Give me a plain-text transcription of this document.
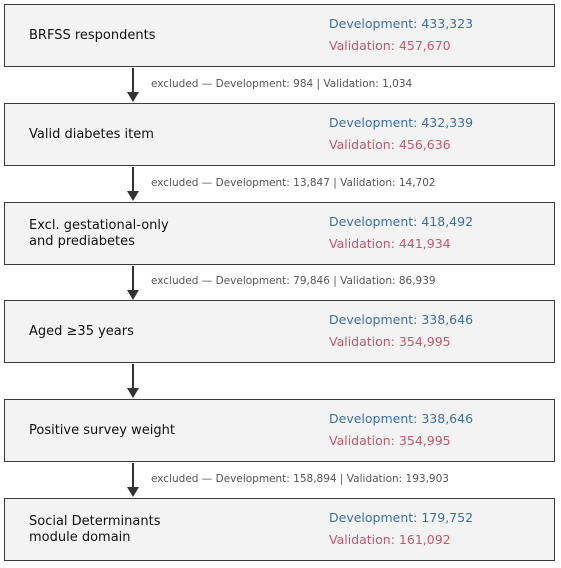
BRFSS respondents
Development: 433,323
Validation: 457,670
excluded — Development: 984 | Validation: 1,034
Valid diabetes item
Development: 432,339
Validation: 456,636
excluded — Development: 13,847 | Validation: 14,702
Excl. gestational-only
and prediabetes
Development: 418,492
Validation: 441,934
excluded — Development: 79,846 | Validation: 86,939
Aged ≥35 years
Development: 338,646
Validation: 354,995
Positive survey weight
Development: 338,646
Validation: 354,995
excluded — Development: 158,894 | Validation: 193,903
Social Determinants
module domain
Development: 179,752
Validation: 161,092
